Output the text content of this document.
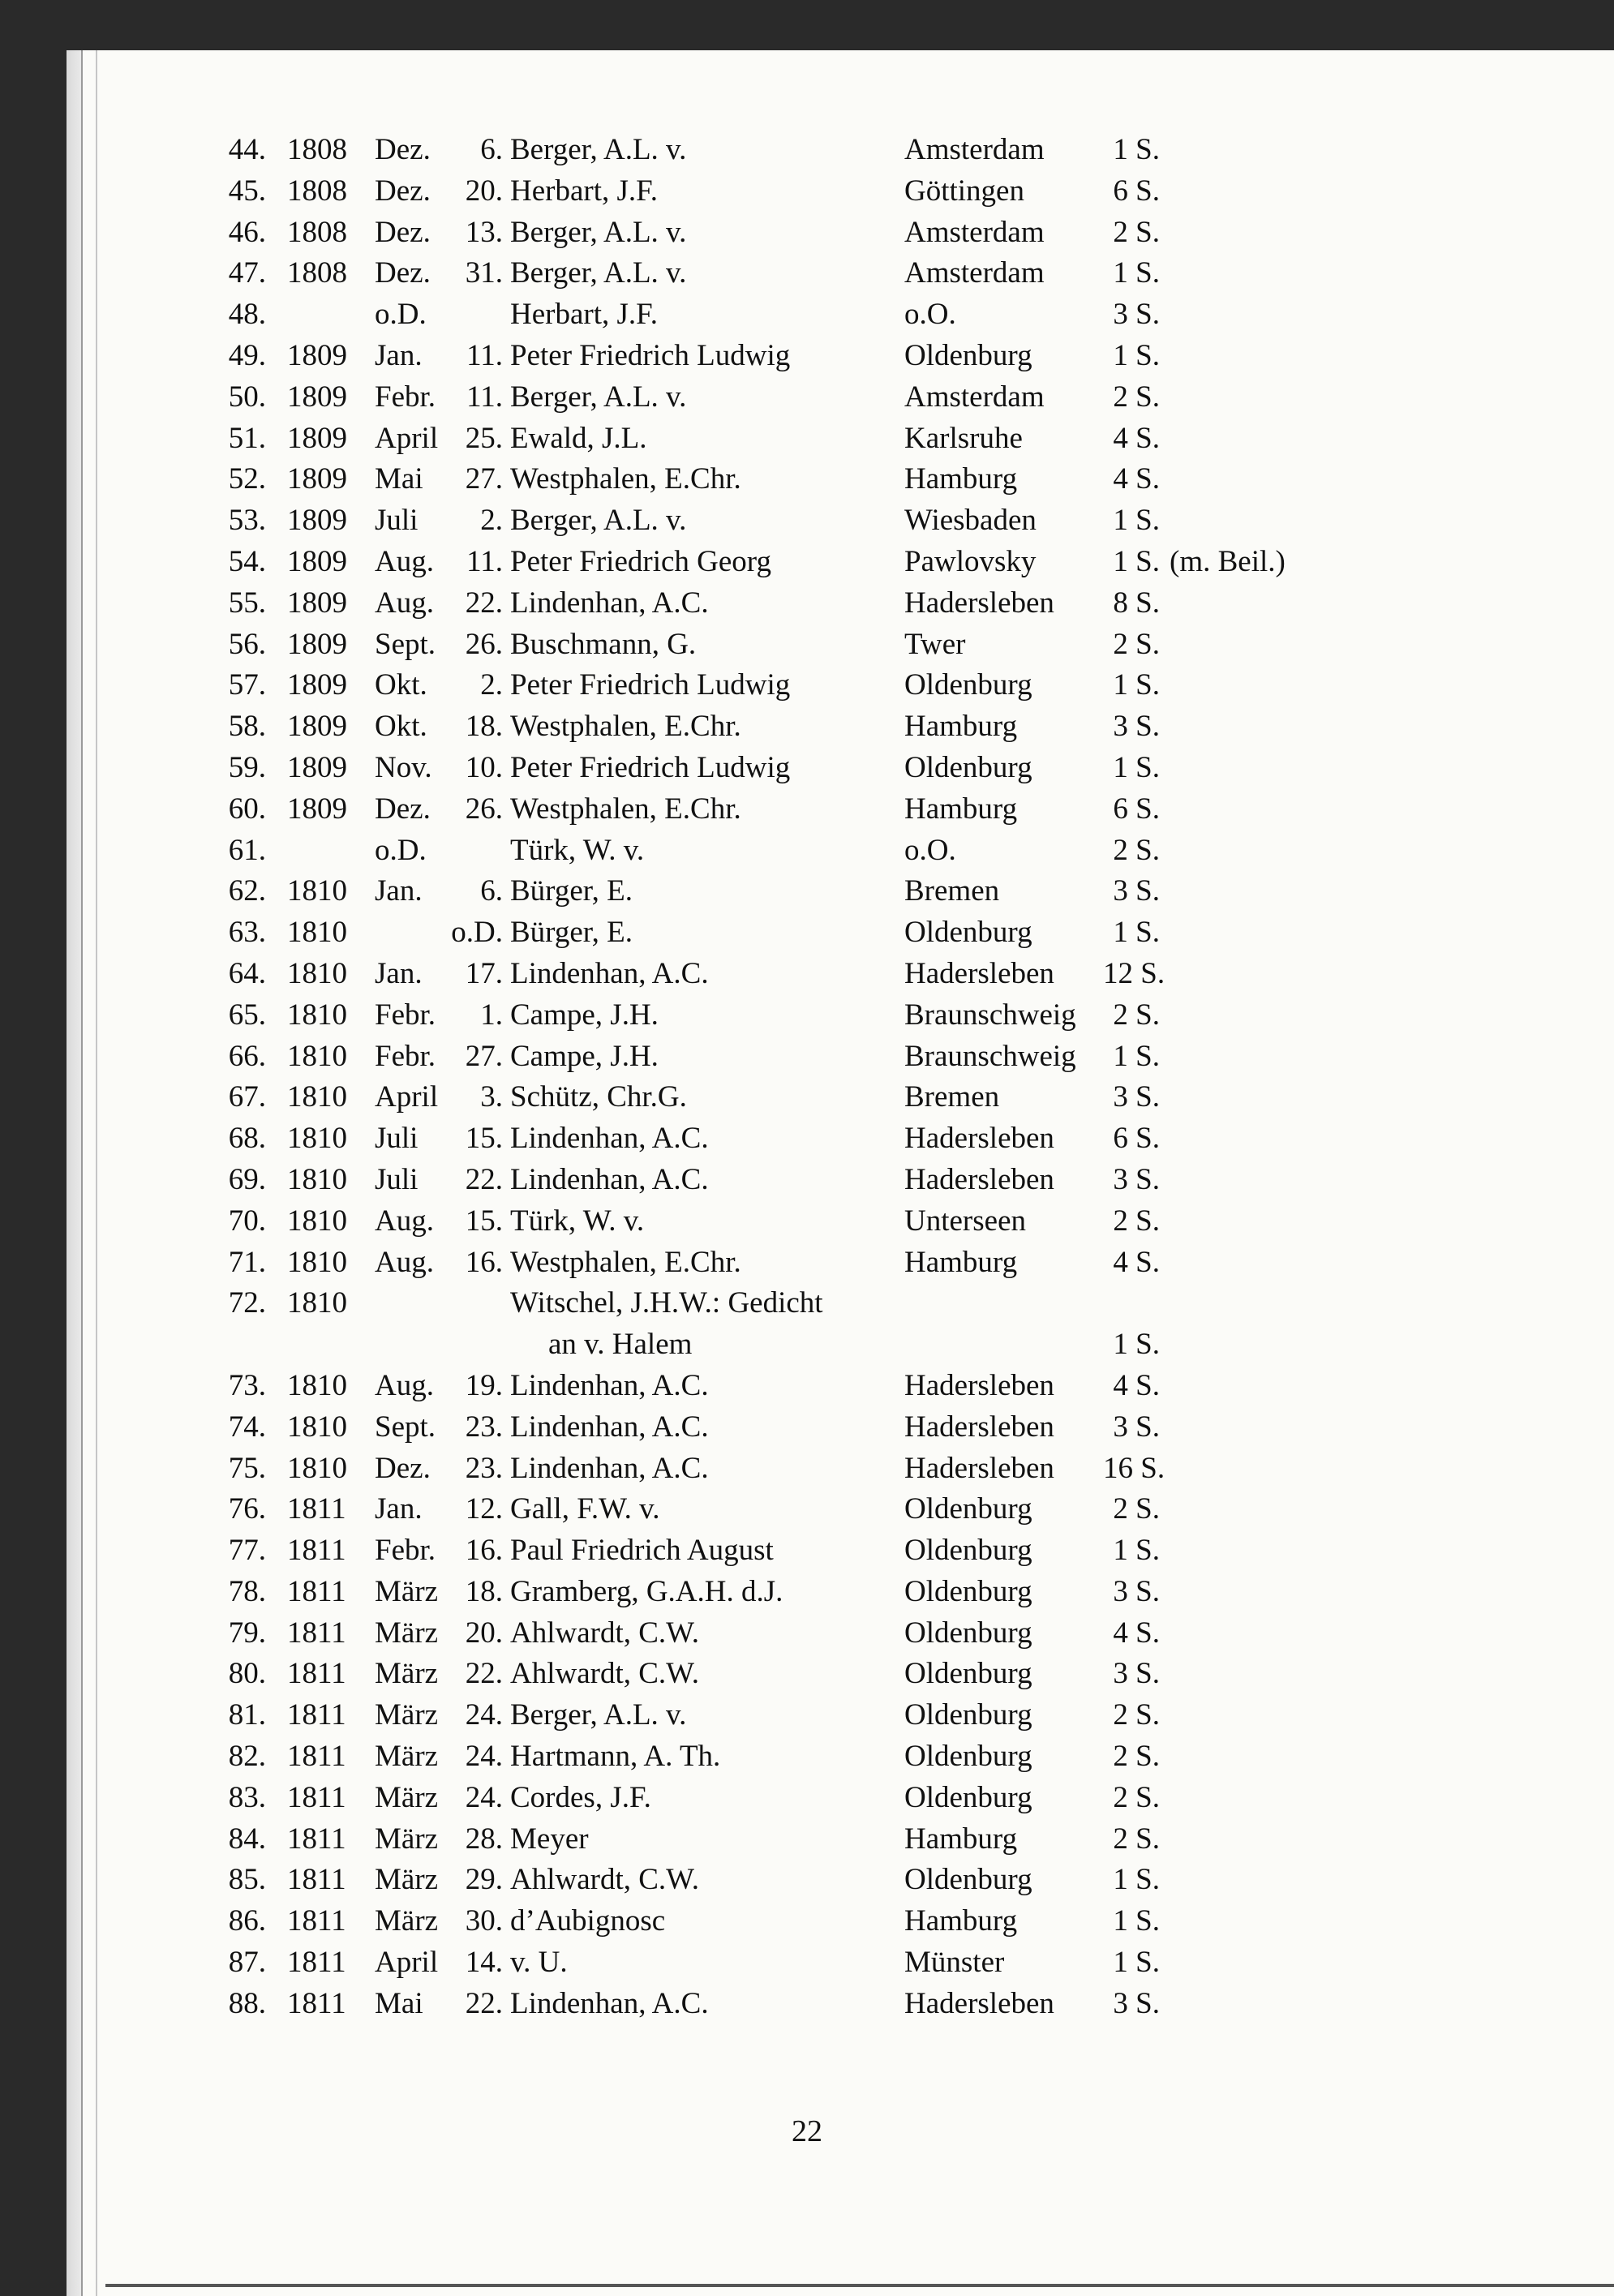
44. 1808 Dez.	6. Berger, A.L. v.	Amsterdam	1 S.
45. 1808 Dez.	20. Herbart, J.F.	Göttingen	6 S.
46. 1808 Dez.	13. Berger, A.L. v.	Amsterdam	2 S.
47. 1808 Dez.	31. Berger, A.L. v.	Amsterdam	1 S.
48.	o.D.	Herbart, J.F.	o.O.	3 S.
49. 1809 Jan.	11. Peter Friedrich Ludwig	Oldenburg	1 S.
50. 1809 Febr.	11. Berger, A.L. v.	Amsterdam	2 S.
51. 1809 April 25. Ewald, J.L.	Karlsruhe	4 S.
52. 1809 Mai	27. Westphalen, E.Chr.	Hamburg	4 S.
53. 1809 Juli	2. Berger, A.L. v.	Wiesbaden	1 S.
54. 1809 Aug.	11. Peter Friedrich Georg	Pawlovsky	1 S. (m. Beil.)
55. 1809 Aug.	22. Lindenhan, A.C.	Hadersleben	8 S.
56. 1809 Sept. 26. Buschmann, G.	Twer	2 S.
57. 1809 Okt.	2. Peter Friedrich Ludwig	Oldenburg	1 S.
58. 1809 Okt.	18. Westphalen, E.Chr.	Hamburg	3 S.
59. 1809 Nov.	10. Peter Friedrich Ludwig	Oldenburg	1 S.
60. 1809 Dez.	26. Westphalen, E.Chr.	Hamburg	6 S.
61.	o.D.	Türk, W. v.	o.O.	2 S.
62. 1810 Jan.	6. Bürger, E.	Bremen	3 S.
63. 1810	o.D. Bürger, E.	Oldenburg	1 S.
64. 1810 Jan.	17. Lindenhan, A.C.	Hadersleben 12 S.
65. 1810 Febr.	1. Campe, J.H.	Braunschweig	2 S.
66. 1810 Febr. 27. Campe, J.H.	Braunschweig	1 S.
67. 1810 April	3. Schütz, Chr.G.	Bremen	3 S.
68. 1810 Juli	15. Lindenhan, A.C.	Hadersleben	6 S.
69. 1810 Juli	22. Lindenhan, A.C.	Hadersleben	3 S.
70. 1810 Aug.	15. Türk, W. v.	Unterseen	2 S.
71. 1810 Aug.	16. Westphalen, E.Chr.	Hamburg	4 S.
72. 1810	Witschel, J.H.W.: Gedicht
an v. Halem	1 S.
73. 1810 Aug.	19. Lindenhan, A.C.	Hadersleben	4 S.
74. 1810 Sept. 23. Lindenhan, A.C.	Hadersleben	3 S.
75. 1810 Dez.	23. Lindenhan, A.C.	Hadersleben 16 S.
76. 1811 Jan.	12. Gall, F.W. v.	Oldenburg	2 S.
77. 1811 Febr. 16. Paul Friedrich August	Oldenburg	1 S.
78. 1811 März 18. Gramberg, G.A.H. d.J.	Oldenburg	3 S.
79. 1811 März 20. Ahlwardt, C.W.	Oldenburg	4 S.
80. 1811 März 22. Ahlwardt, C.W.	Oldenburg	3 S.
81. 1811 März 24. Berger, A.L. v.	Oldenburg	2 S.
82. 1811 März 24. Hartmann, A. Th.	Oldenburg	2 S.
83. 1811 März 24. Cordes, J.F.	Oldenburg	2 S.
84. 1811 März 28. Meyer	Hamburg	2 S.
85. 1811 März 29. Ahlwardt, C.W.	Oldenburg	1 S.
86. 1811 März 30. d’Aubignosc	Hamburg	1 S.
87. 1811 April 14. v. U.	Münster	1 S.
88. 1811 Mai	22. Lindenhan, A.C.	Hadersleben	3 S.
22
